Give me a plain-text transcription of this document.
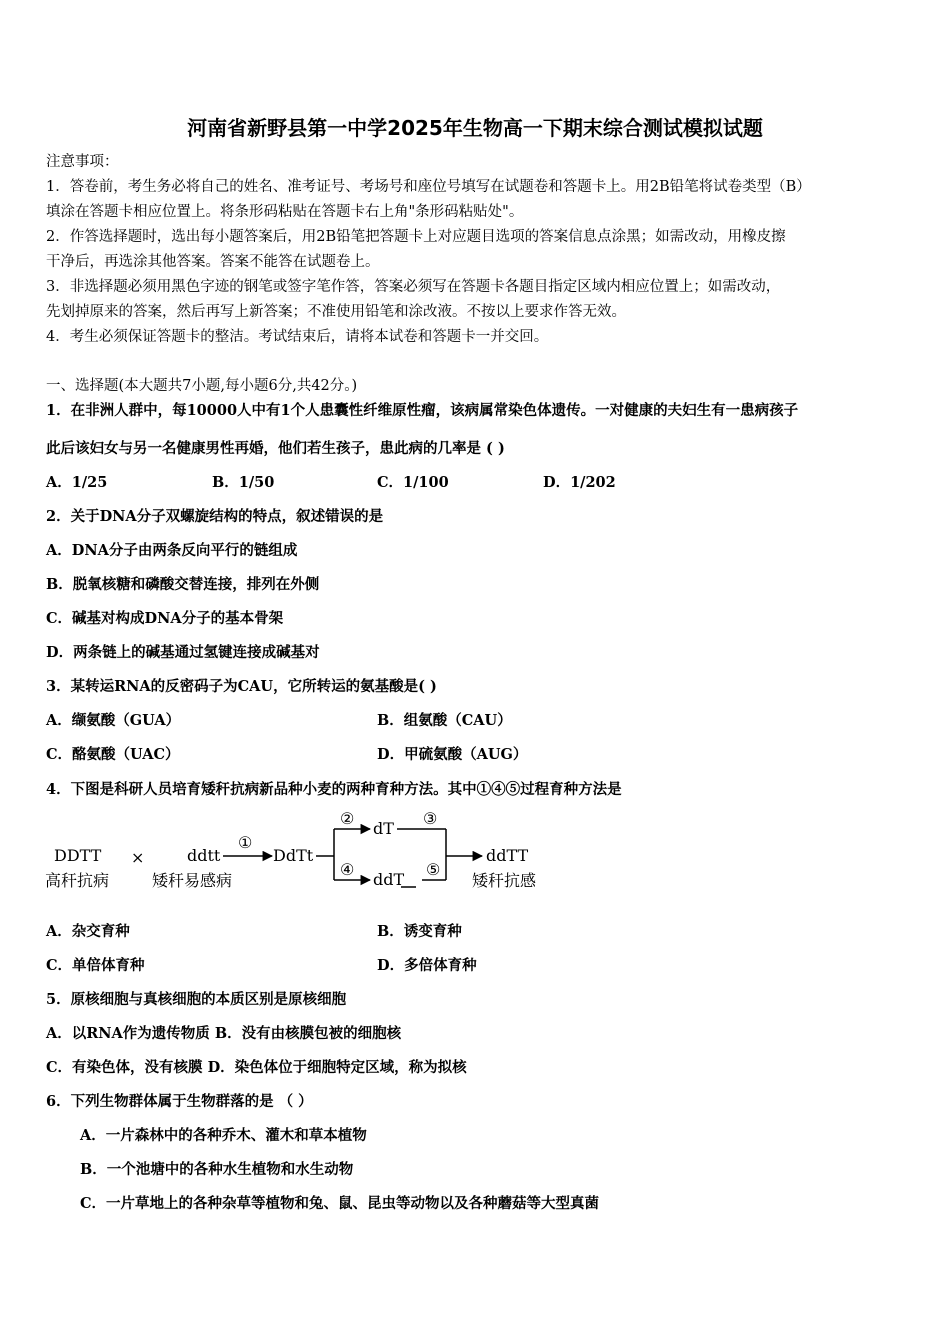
河南省新野县第一中学2025年生物高一下期末综合测试模拟试题
注意事项：
1．答卷前，考生务必将自己的姓名、准考证号、考场号和座位号填写在试题卷和答题卡上。用2B铅笔将试卷类型（B）
填涂在答题卡相应位置上。将条形码粘贴在答题卡右上角"条形码粘贴处"。
2．作答选择题时，选出每小题答案后，用2B铅笔把答题卡上对应题目选项的答案信息点涂黑；如需改动，用橡皮擦
干净后，再选涂其他答案。答案不能答在试题卷上。
3．非选择题必须用黑色字迹的钢笔或签字笔作答，答案必须写在答题卡各题目指定区域内相应位置上；如需改动，
先划掉原来的答案，然后再写上新答案；不准使用铅笔和涂改液。不按以上要求作答无效。
4．考生必须保证答题卡的整洁。考试结束后，请将本试卷和答题卡一并交回。
一、选择题(本大题共7小题,每小题6分,共42分。)
1．在非洲人群中，每10000人中有1个人患囊性纤维原性瘤，该病属常染色体遗传。一对健康的夫妇生有一患病孩子
此后该妇女与另一名健康男性再婚，他们若生孩子，患此病的几率是 ( )
A．1/25	B．1/50	C．1/100	D．1/202
2．关于DNA分子双螺旋结构的特点，叙述错误的是
A．DNA分子由两条反向平行的链组成
B．脱氧核糖和磷酸交替连接，排列在外侧
C．碱基对构成DNA分子的基本骨架
D．两条链上的碱基通过氢键连接成碱基对
3．某转运RNA的反密码子为CAU，它所转运的氨基酸是( )
A．缬氨酸（GUA）	B．组氨酸（CAU）
C．酪氨酸（UAC）	D．甲硫氨酸（AUG）
4．下图是科研人员培育矮秆抗病新品种小麦的两种育种方法。其中①④⑤过程育种方法是
DDTT
高秆抗病
×	ddtt
矮秆易感病
①
DdTt
②
④
dT
ddT
③
⑤
ddTT
矮秆抗感
A．杂交育种	B．诱变育种
C．单倍体育种	D．多倍体育种
5．原核细胞与真核细胞的本质区别是原核细胞
A．以RNA作为遗传物质 B．没有由核膜包被的细胞核
C．有染色体，没有核膜 D．染色体位于细胞特定区域，称为拟核
6．下列生物群体属于生物群落的是 （ ）
A．一片森林中的各种乔木、灌木和草本植物
B．一个池塘中的各种水生植物和水生动物
C．一片草地上的各种杂草等植物和兔、鼠、昆虫等动物以及各种蘑菇等大型真菌
